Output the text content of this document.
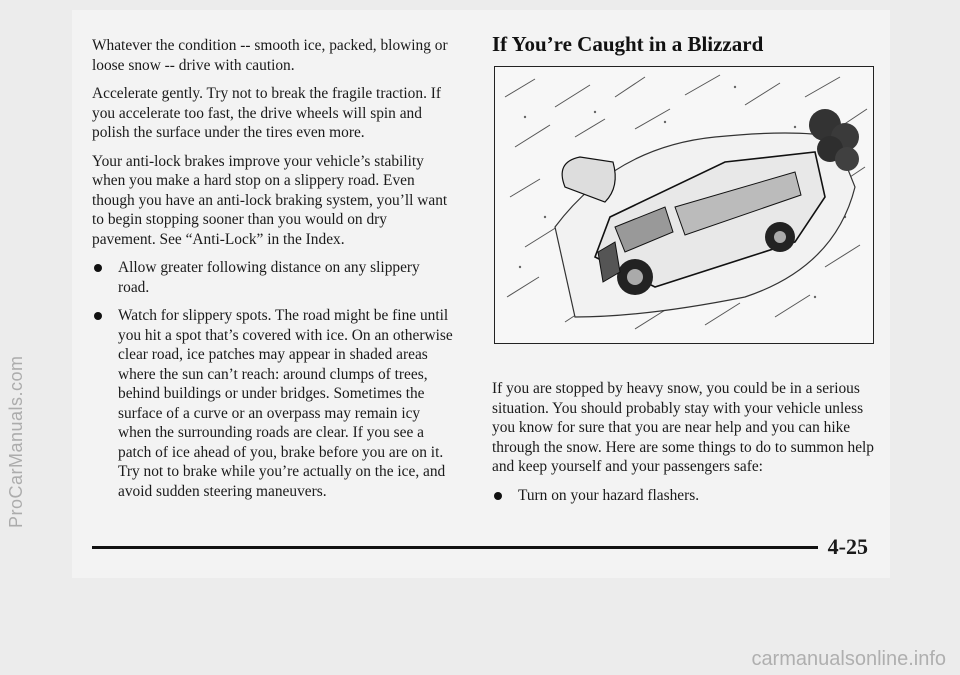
Whatever the condition -- smooth ice, packed, blowing or loose snow -- drive with caution.

Accelerate gently. Try not to break the fragile traction. If you accelerate too fast, the drive wheels will spin and polish the surface under the tires even more.

Your anti-lock brakes improve your vehicle’s stability when you make a hard stop on a slippery road. Even though you have an anti-lock braking system, you’ll want to begin stopping sooner than you would on dry pavement. See “Anti-Lock” in the Index.

Allow greater following distance on any slippery road.
Watch for slippery spots. The road might be fine until you hit a spot that’s covered with ice. On an otherwise clear road, ice patches may appear in shaded areas where the sun can’t reach: around clumps of trees, behind buildings or under bridges. Sometimes the surface of a curve or an overpass may remain icy when the surrounding roads are clear. If you see a patch of ice ahead of you, brake before you are on it. Try not to brake while you’re actually on the ice, and avoid sudden steering maneuvers.
If You’re Caught in a Blizzard

If you are stopped by heavy snow, you could be in a serious situation. You should probably stay with your vehicle unless you know for sure that you are near help and you can hike through the snow. Here are some things to do to summon help and keep yourself and your passengers safe:

Turn on your hazard flashers.
4-25
ProCarManuals.com
carmanualsonline.info
